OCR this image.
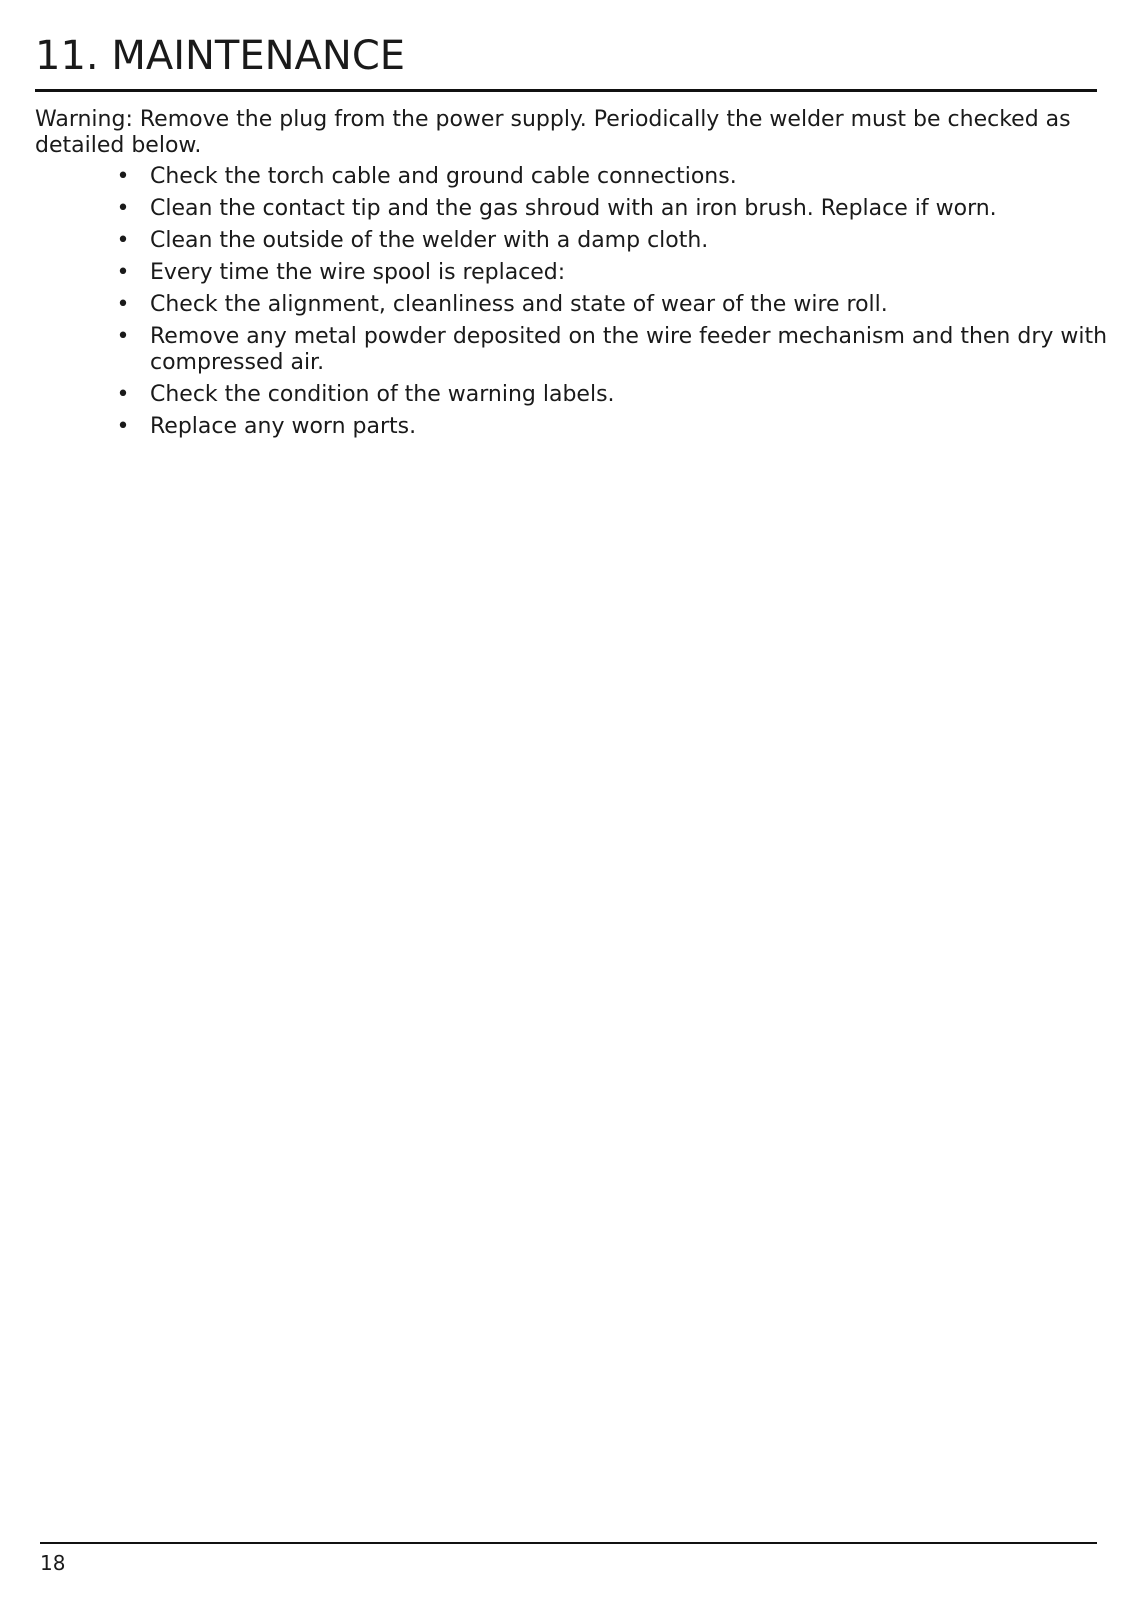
11. MAINTENANCE

Warning: Remove the plug from the power supply. Periodically the welder must be checked as detailed below.

• Check the torch cable and ground cable connections.
• Clean the contact tip and the gas shroud with an iron brush. Replace if worn.
• Clean the outside of the welder with a damp cloth.
• Every time the wire spool is replaced:
• Check the alignment, cleanliness and state of wear of the wire roll.
• Remove any metal powder deposited on the wire feeder mechanism and then dry with compressed air.
• Check the condition of the warning labels.
• Replace any worn parts.
18
